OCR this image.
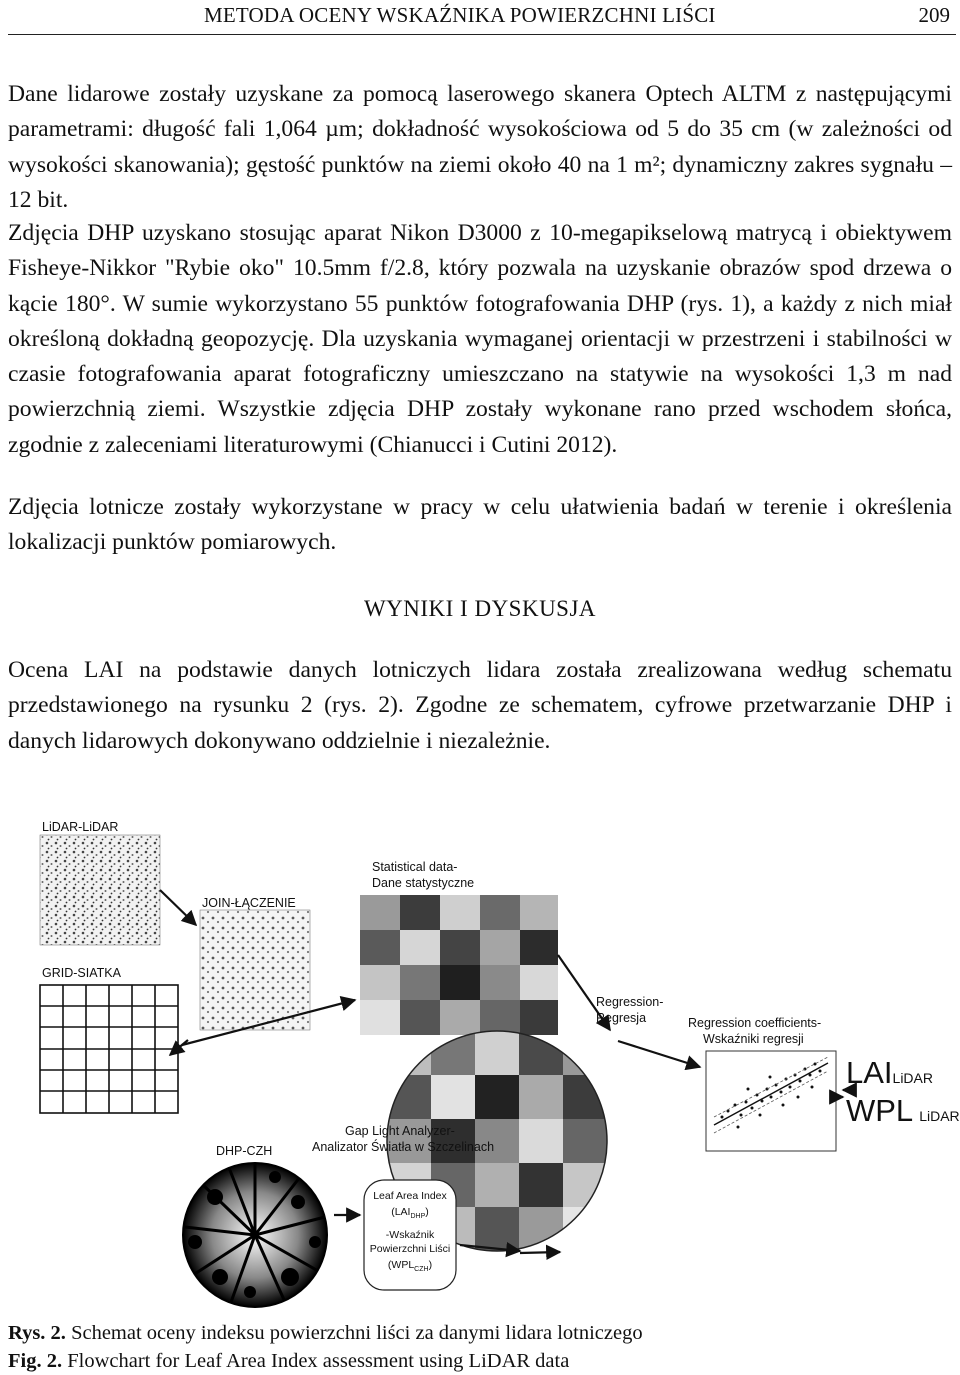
METODA OCENY WSKAŹNIKA POWIERZCHNI LIŚCI	209

Dane lidarowe zostały uzyskane za pomocą laserowego skanera Optech ALTM z następującymi parametrami: długość fali 1,064 µm; dokładność wysokościowa od 5 do 35 cm (w zależności od wysokości skanowania); gęstość punktów na ziemi około 40 na 1 m²; dynamiczny zakres sygnału – 12 bit.

Zdjęcia DHP uzyskano stosując aparat Nikon D3000 z 10-megapikselową matrycą i obiektywem Fisheye-Nikkor "Rybie oko" 10.5mm f/2.8, który pozwala na uzyskanie obrazów spod drzewa o kącie 180°. W sumie wykorzystano 55 punktów fotografowania DHP (rys. 1), a każdy z nich miał określoną dokładną geopozycję. Dla uzyskania wymaganej orientacji w przestrzeni i stabilności w czasie fotografowania aparat fotograficzny umieszczano na statywie na wysokości 1,3 m nad powierzchnią ziemi. Wszystkie zdjęcia DHP zostały wykonane rano przed wschodem słońca, zgodnie z zaleceniami literaturowymi (Chianucci i Cutini 2012).

Zdjęcia lotnicze zostały wykorzystane w pracy w celu ułatwienia badań w terenie i określenia lokalizacji punktów pomiarowych.

WYNIKI I DYSKUSJA

Ocena LAI na podstawie danych lotniczych lidara została zrealizowana według schematu przedstawionego na rysunku 2 (rys. 2). Zgodne ze schematem, cyfrowe przetwarzanie DHP i danych lidarowych dokonywano oddzielnie i niezależnie.

LiDAR-LiDAR
JOIN-ŁĄCZENIE
GRID-SIATKA
Statistical data-
Dane statystyczne
Regression-
Regresja	Regression coefficients-
Wskaźniki regresji
LAILiDAR
WPL LiDAR
Gap Light Analyzer-
Analizator Światła w Szczelinach
DHP-CZH
Leaf Area Index
$(LAI_{DHP})$
-Wskaźnik
Powierzchni Liści
$(WPL_{CZH})$
Rys. 2. Schemat oceny indeksu powierzchni liści za danymi lidara lotniczego
Fig. 2. Flowchart for Leaf Area Index assessment using LiDAR data
